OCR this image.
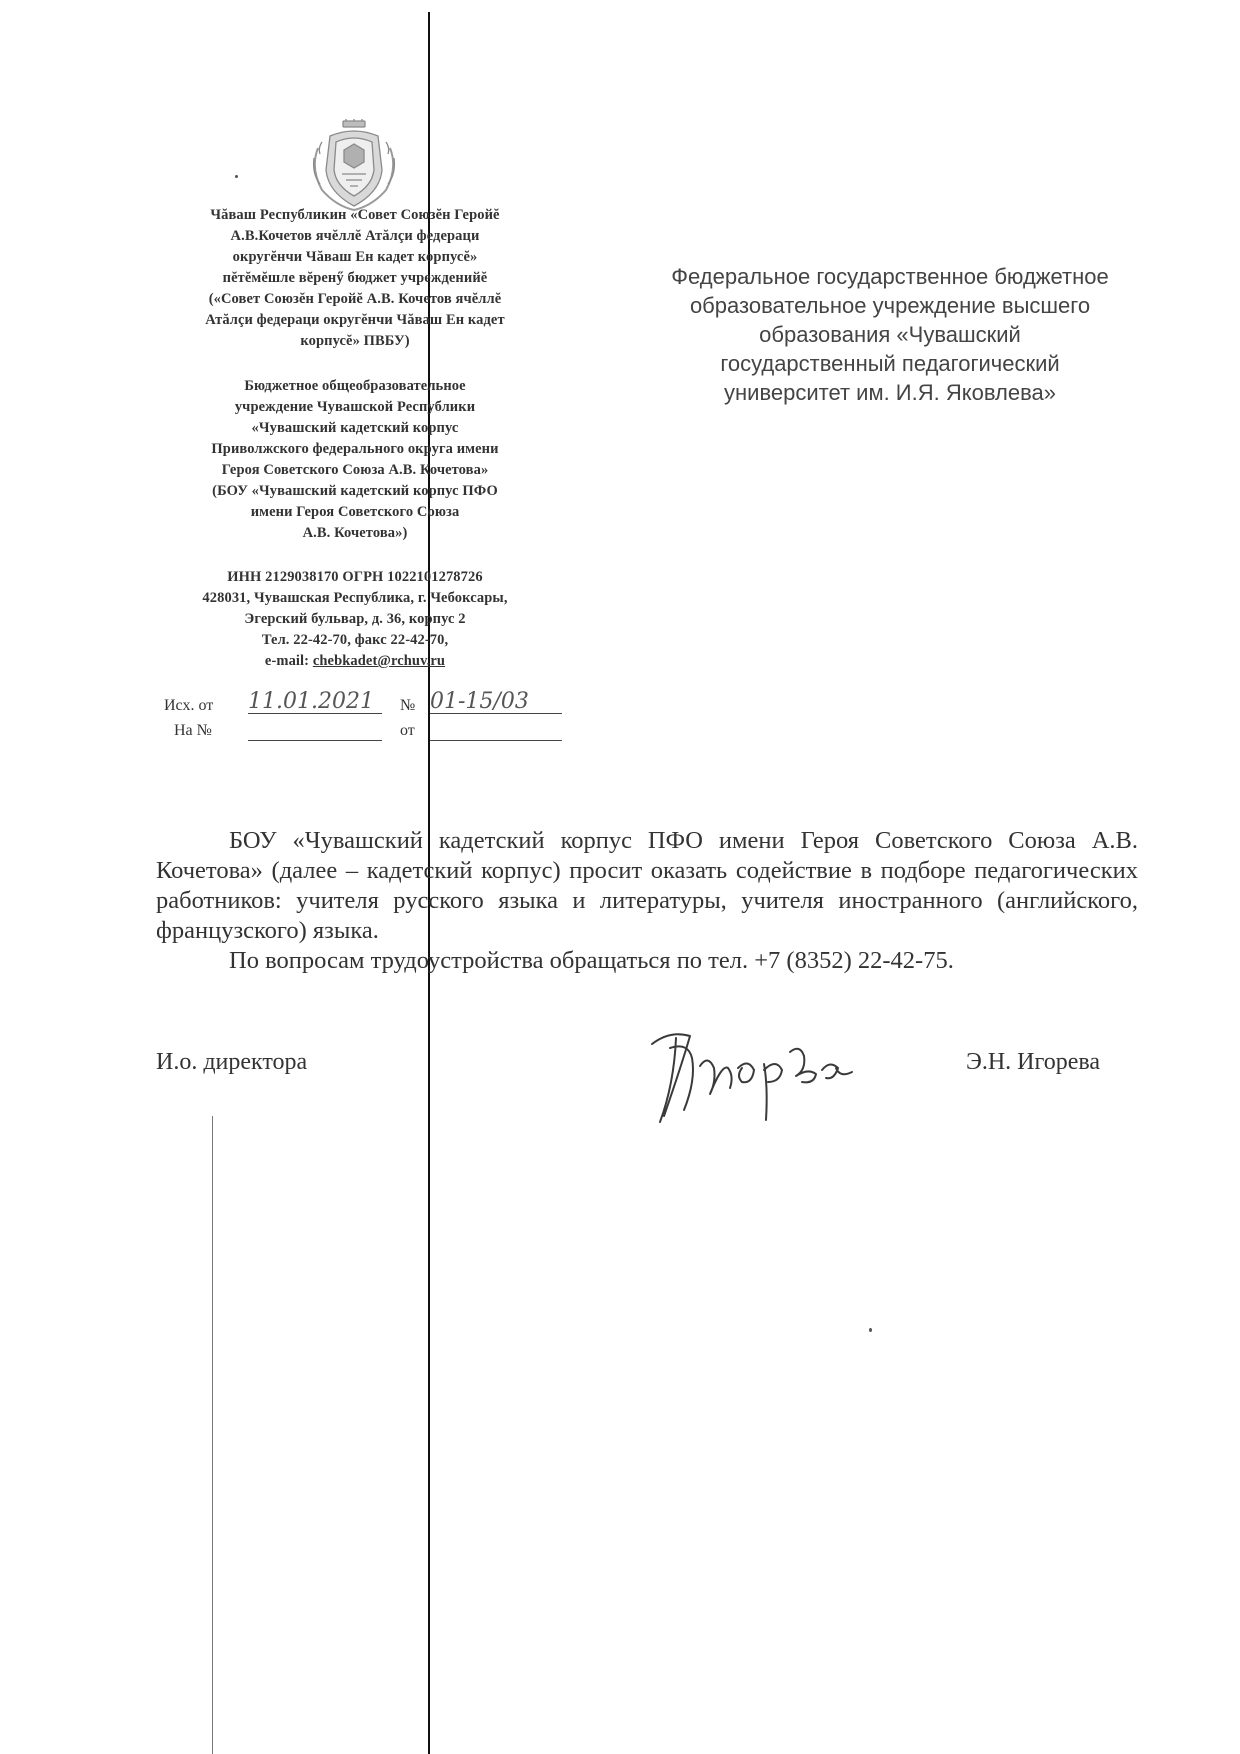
Чăваш Республикин «Совет Союзĕн Геройĕ
А.В.Кочетов ячĕллĕ Атăлçи федераци
округĕнчи Чăваш Ен кадет корпусĕ»
пĕтĕмĕшле вĕренӳ бюджет учрежденийĕ
(«Совет Союзĕн Геройĕ А.В. Кочетов ячĕллĕ
Атăлçи федераци округĕнчи Чăваш Ен кадет
корпусĕ» ПВБУ)
Бюджетное общеобразовательное
учреждение Чувашской Республики
«Чувашский кадетский корпус
Приволжского федерального округа имени
Героя Советского Союза А.В. Кочетова»
(БОУ «Чувашский кадетский корпус ПФО
имени Героя Советского Союза
А.В. Кочетова»)
ИНН 2129038170 ОГРН 1022101278726
428031, Чувашская Республика, г. Чебоксары,
Эгерский бульвар, д. 36, корпус 2
Тел. 22-42-70, факс 22-42-70,
e-mail: chebkadet@rchuv.ru
Исх. от 11.01.2021	№ 01-15/03
На №	от
Федеральное государственное бюджетное
образовательное учреждение высшего
образования «Чувашский
государственный педагогический
университет им. И.Я. Яковлева»

БОУ «Чувашский кадетский корпус ПФО имени Героя Советского Союза А.В. Кочетова» (далее – кадетский корпус) просит оказать содействие в подборе педагогических работников: учителя русского языка и литературы, учителя иностранного (английского, французского) языка.

По вопросам трудоустройства обращаться по тел. +7 (8352) 22-42-75.

И.о. директора	Э.Н. Игорева
